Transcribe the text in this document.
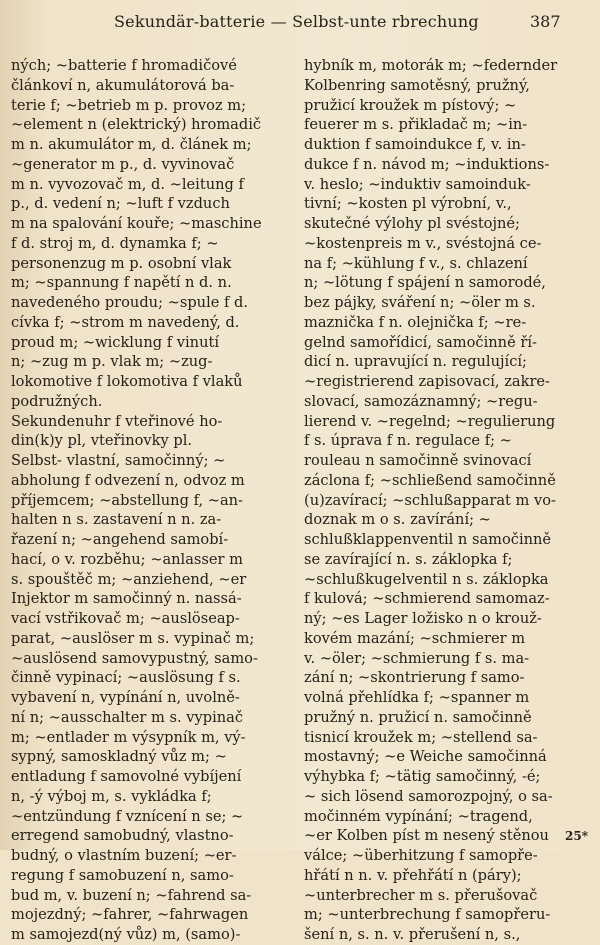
Sekundär-batterie — Selbst-unte rbrechung	387
ných; ~batterie f hromadičové
článkoví n, akumulátorová ba-
terie f; ~betrieb m p. provoz m;
~element n (elektrický) hromadič
m n. akumulátor m, d. článek m;
~generator m p., d. vyvinovač
m n. vyvozovač m, d. ~leitung f
p., d. vedení n; ~luft f vzduch
m na spalování kouře; ~maschine
f d. stroj m, d. dynamka f; ~
personenzug m p. osobní vlak
m; ~spannung f napětí n d. n.
navedeného proudu; ~spule f d.
cívka f; ~strom m navedený, d.
proud m; ~wicklung f vinutí
n; ~zug m p. vlak m; ~zug-
lokomotive f lokomotiva f vlaků
podružných.
Sekundenuhr f vteřinové ho-
din(k)y pl, vteřinovky pl.
Selbst- vlastní, samočinný; ~
abholung f odvezení n, odvoz m
příjemcem; ~abstellung f, ~an-
halten n s. zastavení n n. za-
řazení n; ~angehend samobí-
hací, o v. rozběhu; ~anlasser m
s. spouštěč m; ~anziehend, ~er
Injektor m samočinný n. nassá-
vací vstřikovač m; ~auslöseap-
parat, ~auslöser m s. vypinač m;
~auslösend samovypustný, samo-
činně vypinací; ~auslösung f s.
vybavení n, vypínání n, uvolně-
ní n; ~ausschalter m s. vypinač
m; ~entlader m výsypník m, vý-
sypný, samoskladný vůz m; ~
entladung f samovolné vybíjení
n, -ý výboj m, s. vykládka f;
~entzündung f vznícení n se; ~
erregend samobudný, vlastno-
budný, o vlastním buzení; ~er-
regung f samobuzení n, samo-
bud m, v. buzení n; ~fahrend sa-
mojezdný; ~fahrer, ~fahrwagen
m samojezd(ný vůz) m, (samo)-
hybník m, motorák m; ~federnder
Kolbenring samotěsný, pružný,
pružicí kroužek m pístový; ~
feuerer m s. přikladač m; ~in-
duktion f samoindukce f, v. in-
dukce f n. návod m; ~induktions-
v. heslo; ~induktiv samoinduk-
tivní; ~kosten pl výrobní, v.,
skutečné výlohy pl svéstojné;
~kostenpreis m v., svéstojná ce-
na f; ~kühlung f v., s. chlazení
n; ~lötung f spájení n samorodé,
bez pájky, sváření n; ~öler m s.
maznička f n. olejnička f; ~re-
gelnd samořídicí, samočinně ří-
dicí n. upravující n. regulující;
~registrierend zapisovací, zakre-
slovací, samozáznamný; ~regu-
lierend v. ~regelnd; ~regulierung
f s. úprava f n. regulace f; ~
rouleau n samočinně svinovací
záclona f; ~schließend samočinně
(u)zavírací; ~schlußapparat m vo-
doznak m o s. zavírání; ~
schlußklappenventil n samočinně
se zavírající n. s. záklopka f;
~schlußkugelventil n s. záklopka
f kulová; ~schmierend samomaz-
ný; ~es Lager ložisko n o krouž-
kovém mazání; ~schmierer m
v. ~öler; ~schmierung f s. ma-
zání n; ~skontrierung f samo-
volná přehlídka f; ~spanner m
pružný n. pružicí n. samočinně
tisnicí kroužek m; ~stellend sa-
mostavný; ~e Weiche samočinná
výhybka f; ~tätig samočinný, -é;
~ sich lösend samorozpojný, o sa-
močinném vypínání; ~tragend,
~er Kolben píst m nesený stěnou
válce; ~überhitzung f samopře-
hřátí n n. v. přehřátí n (páry);
~unterbrecher m s. přerušovač
m; ~unterbrechung f samopřeru-
šení n, s. n. v. přerušení n, s.,
25*
